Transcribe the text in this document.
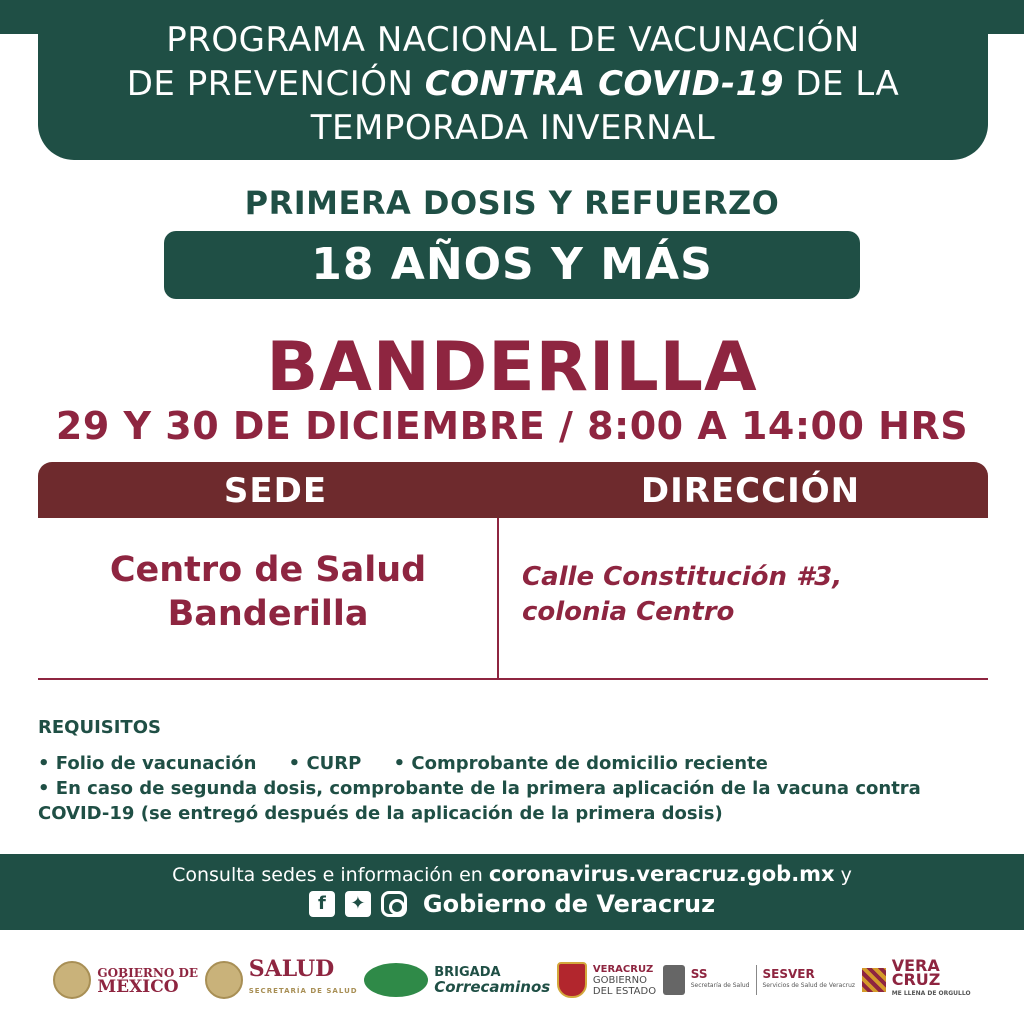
PROGRAMA NACIONAL DE VACUNACIÓN
DE PREVENCIÓN CONTRA COVID-19 DE LA
TEMPORADA INVERNAL
PRIMERA DOSIS Y REFUERZO
18 AÑOS Y MÁS
BANDERILLA
29 Y 30 DE DICIEMBRE / 8:00 A 14:00 HRS
SEDE	DIRECCIÓN
Centro de Salud
Banderilla
Calle Constitución #3,
colonia Centro
REQUISITOS
• Folio de vacunación • CURP • Comprobante de domicilio reciente
• En caso de segunda dosis, comprobante de la primera aplicación de la vacuna contra
COVID-19 (se entregó después de la aplicación de la primera dosis)
Consulta sedes e información en coronavirus.veracruz.gob.mx y
f	✦ Gobierno de Veracruz
GOBIERNO DE
MÉXICO
SALUD
SECRETARÍA DE SALUD
BRIGADA
Correcaminos
VERACRUZ
GOBIERNO
DEL ESTADO
SS
Secretaría de Salud
SESVER
Servicios de Salud de Veracruz
VERA
CRUZ
ME LLENA DE ORGULLO
